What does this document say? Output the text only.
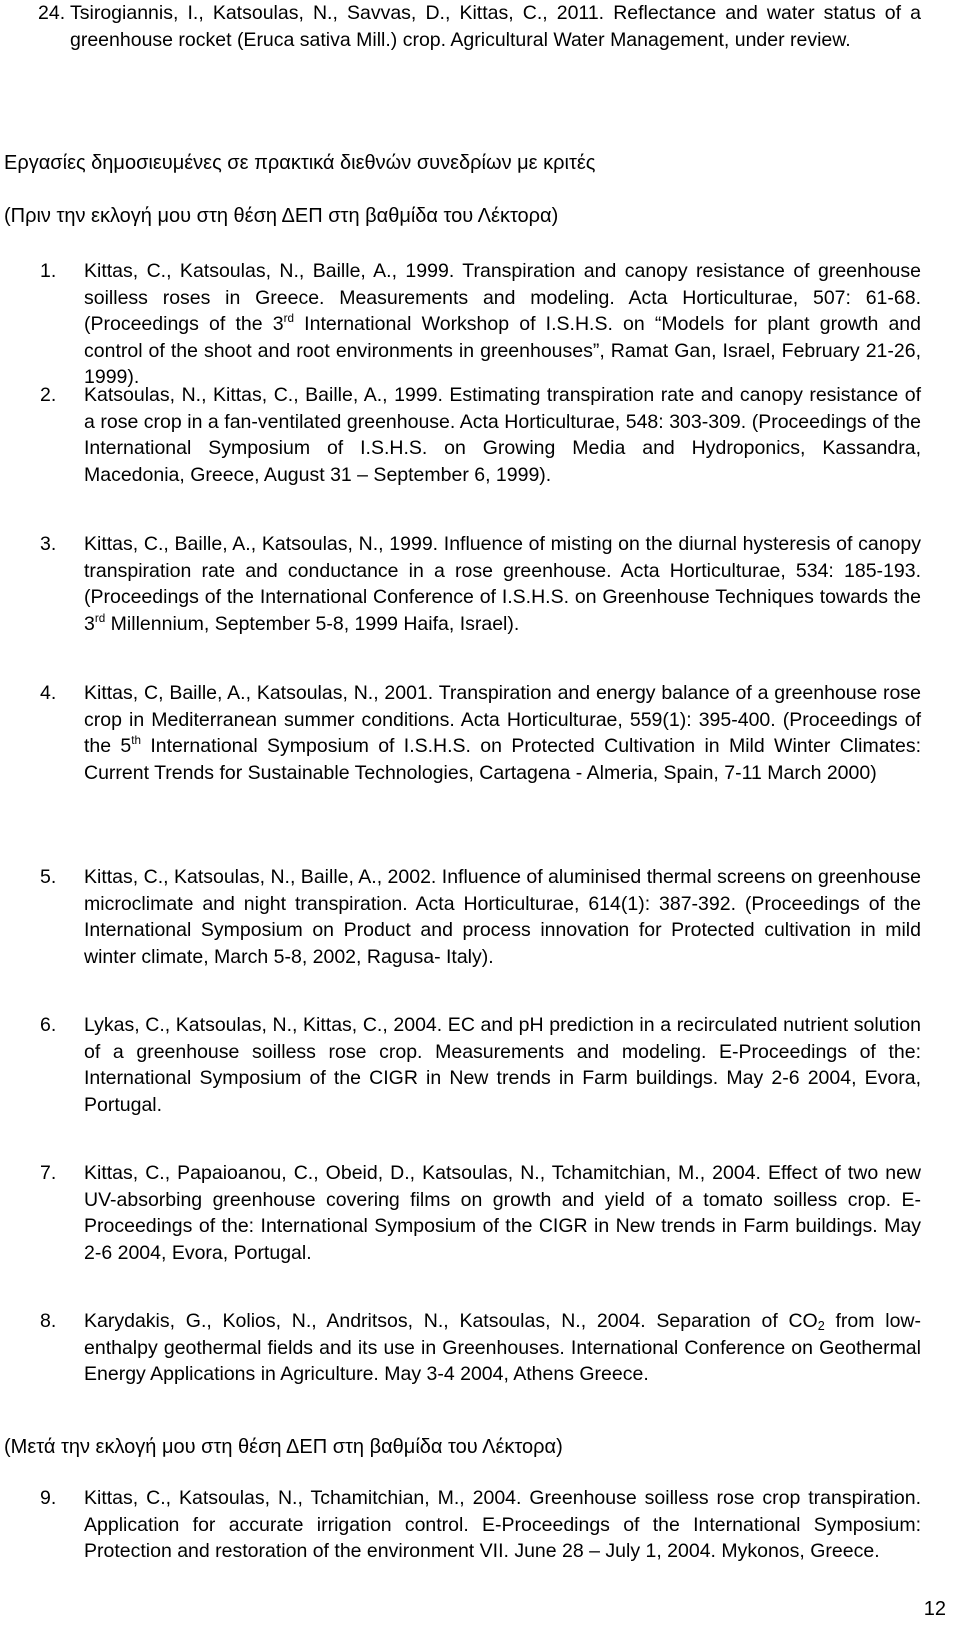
24. Tsirogiannis, I., Katsoulas, N., Savvas, D., Kittas, C., 2011. Reflectance and water status of a greenhouse rocket (Eruca sativa Mill.) crop. Agricultural Water Management, under review.
Εργασίες δημοσιευμένες σε πρακτικά διεθνών συνεδρίων με κριτές
(Πριν την εκλογή μου στη θέση ΔΕΠ στη βαθμίδα του Λέκτορα)
1. Kittas, C., Katsoulas, N., Baille, A., 1999. Transpiration and canopy resistance of greenhouse soilless roses in Greece. Measurements and modeling. Acta Horticulturae, 507: 61-68. (Proceedings of the 3rd International Workshop of I.S.H.S. on “Models for plant growth and control of the shoot and root environments in greenhouses”, Ramat Gan, Israel, February 21-26, 1999).
2. Katsoulas, N., Kittas, C., Baille, A., 1999. Estimating transpiration rate and canopy resistance of a rose crop in a fan-ventilated greenhouse. Acta Horticulturae, 548: 303-309. (Proceedings of the International Symposium of I.S.H.S. on Growing Media and Hydroponics, Kassandra, Macedonia, Greece, August 31 – September 6, 1999).
3. Kittas, C., Baille, A., Katsoulas, N., 1999. Influence of misting on the diurnal hysteresis of canopy transpiration rate and conductance in a rose greenhouse. Acta Horticulturae, 534: 185-193. (Proceedings of the International Conference of I.S.H.S. on Greenhouse Techniques towards the 3rd Millennium, September 5-8, 1999 Haifa, Israel).
4. Kittas, C, Baille, A., Katsoulas, N., 2001. Transpiration and energy balance of a greenhouse rose crop in Mediterranean summer conditions. Acta Horticulturae, 559(1): 395-400. (Proceedings of the 5th International Symposium of I.S.H.S. on Protected Cultivation in Mild Winter Climates: Current Trends for Sustainable Technologies, Cartagena - Almeria, Spain, 7-11 March 2000)
5. Kittas, C., Katsoulas, N., Baille, A., 2002. Influence of aluminised thermal screens on greenhouse microclimate and night transpiration. Acta Horticulturae, 614(1): 387-392. (Proceedings of the International Symposium on Product and process innovation for Protected cultivation in mild winter climate, March 5-8, 2002, Ragusa- Italy).
6. Lykas, C., Katsoulas, N., Kittas, C., 2004. EC and pH prediction in a recirculated nutrient solution of a greenhouse soilless rose crop. Measurements and modeling. E-Proceedings of the: International Symposium of the CIGR in New trends in Farm buildings. May 2-6 2004, Evora, Portugal.
7. Kittas, C., Papaioanou, C., Obeid, D., Katsoulas, N., Tchamitchian, M., 2004. Effect of two new UV-absorbing greenhouse covering films on growth and yield of a tomato soilless crop. E-Proceedings of the: International Symposium of the CIGR in New trends in Farm buildings. May 2-6 2004, Evora, Portugal.
8. Karydakis, G., Kolios, N., Andritsos, N., Katsoulas, N., 2004. Separation of $CO_2$ from low-enthalpy geothermal fields and its use in Greenhouses. International Conference on Geothermal Energy Applications in Agriculture. May 3-4 2004, Athens Greece.
(Μετά την εκλογή μου στη θέση ΔΕΠ στη βαθμίδα του Λέκτορα)
9. Kittas, C., Katsoulas, N., Tchamitchian, M., 2004. Greenhouse soilless rose crop transpiration. Application for accurate irrigation control. E-Proceedings of the International Symposium: Protection and restoration of the environment VII. June 28 – July 1, 2004. Mykonos, Greece.
12
